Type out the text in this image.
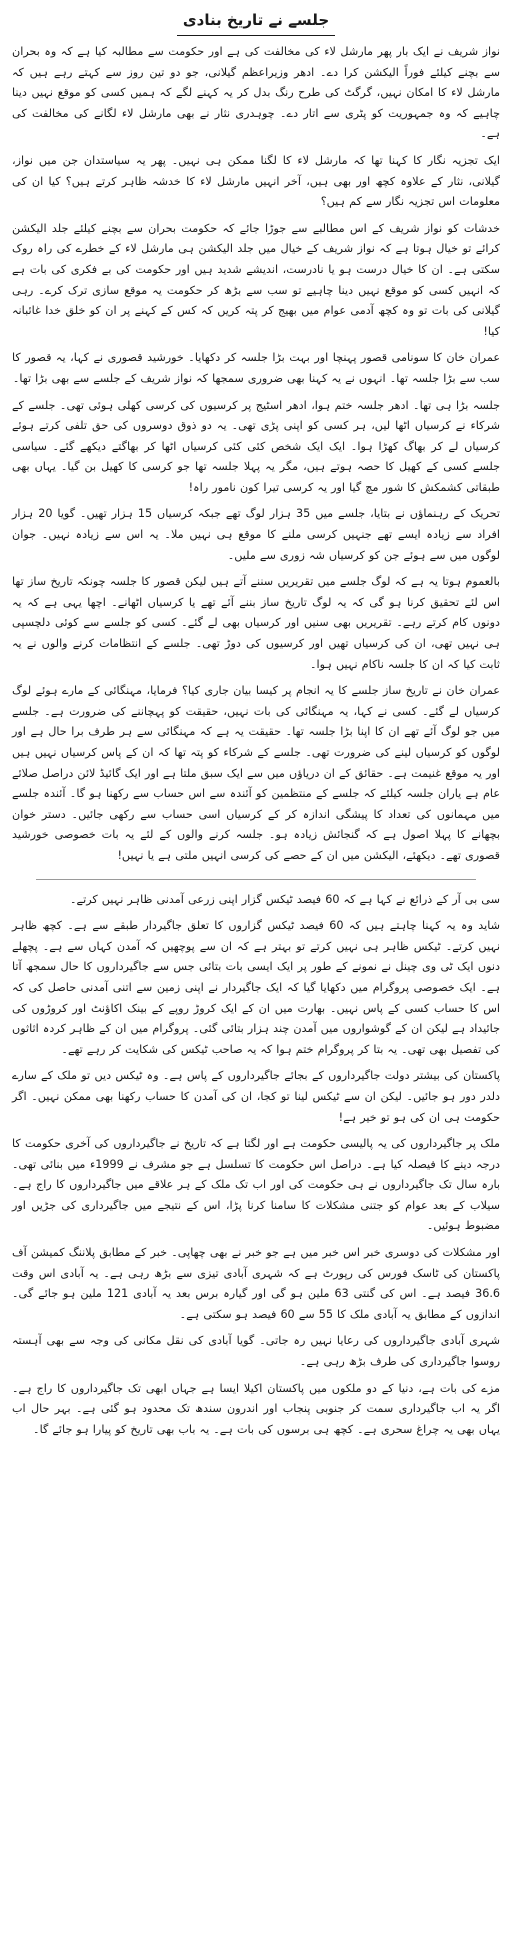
جلسے نے تاریخ بنادی

نواز شریف نے ایک بار پھر مارشل لاء کی مخالفت کی ہے اور حکومت سے مطالبہ کیا ہے کہ وہ بحران سے بچنے کیلئے فوراً الیکشن کرا دے۔ ادھر وزیراعظم گیلانی، جو دو تین روز سے کہتے رہے ہیں کہ مارشل لاء کا امکان نہیں، گرگٹ کی طرح رنگ بدل کر یہ کہنے لگے کہ ہمیں کسی کو موقع نہیں دینا چاہیے کہ وہ جمہوریت کو پٹری سے اتار دے۔ چوہدری نثار نے بھی مارشل لاء لگانے کی مخالفت کی ہے۔

ایک تجزیہ نگار کا کہنا تھا کہ مارشل لاء کا لگنا ممکن ہی نہیں۔ پھر یہ سیاستدان جن میں نواز، گیلانی، نثار کے علاوہ کچھ اور بھی ہیں، آخر انہیں مارشل لاء کا خدشہ ظاہر کرتے ہیں؟ کیا ان کی معلومات اس تجزیہ نگار سے کم ہیں؟

خدشات کو نواز شریف کے اس مطالبے سے جوڑا جائے کہ حکومت بحران سے بچنے کیلئے جلد الیکشن کرائے تو خیال ہوتا ہے کہ نواز شریف کے خیال میں جلد الیکشن ہی مارشل لاء کے خطرے کی راہ روک سکتی ہے۔ ان کا خیال درست ہو یا نادرست، اندیشے شدید ہیں اور حکومت کی بے فکری کی بات ہے کہ انہیں کسی کو موقع نہیں دینا چاہیے تو سب سے بڑھ کر حکومت یہ موقع سازی ترک کرے۔ رہی گیلانی کی بات تو وہ کچھ آدمی عوام میں بھیج کر پتہ کریں کہ کس کے کہنے پر ان کو خلق خدا غائبانہ کیا!

عمران خان کا سونامی قصور پہنچا اور بہت بڑا جلسہ کر دکھایا۔ خورشید قصوری نے کہا، یہ قصور کا سب سے بڑا جلسہ تھا۔ انہوں نے یہ کہنا بھی ضروری سمجھا کہ نواز شریف کے جلسے سے بھی بڑا تھا۔

جلسہ بڑا ہی تھا۔ ادھر جلسہ ختم ہوا، ادھر اسٹیج پر کرسیوں کی کرسی کھلی ہوئی تھی۔ جلسے کے شرکاء نے کرسیاں اٹھا لیں، ہر کسی کو اپنی پڑی تھی۔ یہ دو ذوق دوسروں کی حق تلفی کرتے ہوئے کرسیاں لے کر بھاگ کھڑا ہوا۔ ایک ایک شخص کئی کئی کرسیاں اٹھا کر بھاگتے دیکھے گئے۔ سیاسی جلسے کسی کے کھیل کا حصہ ہوتے ہیں، مگر یہ پہلا جلسہ تھا جو کرسی کا کھیل بن گیا۔ یہاں بھی طبقاتی کشمکش کا شور مچ گیا اور یہ کرسی تیرا کون نامور راہ!

تحریک کے رہنماؤں نے بتایا، جلسے میں 35 ہزار لوگ تھے جبکہ کرسیاں 15 ہزار تھیں۔ گویا 20 ہزار افراد سے زیادہ ایسے تھے جنہیں کرسی ملنے کا موقع ہی نہیں ملا۔ یہ اس سے زیادہ نہیں۔ جوان لوگوں میں سے ہوئے جن کو کرسیاں شہ زوری سے ملیں۔

بالعموم ہوتا یہ ہے کہ لوگ جلسے میں تقریریں سننے آتے ہیں لیکن قصور کا جلسہ چونکہ تاریخ ساز تھا اس لئے تحقیق کرنا ہو گی کہ یہ لوگ تاریخ ساز بننے آئے تھے یا کرسیاں اٹھانے۔ اچھا یہی ہے کہ یہ دونوں کام کرتے رہے۔ تقریریں بھی سنیں اور کرسیاں بھی لے گئے۔ کسی کو جلسے سے کوئی دلچسپی ہی نہیں تھی، ان کی کرسیاں تھیں اور کرسیوں کی دوڑ تھی۔ جلسے کے انتظامات کرنے والوں نے یہ ثابت کیا کہ ان کا جلسہ ناکام نہیں ہوا۔

عمران خان نے تاریخ ساز جلسے کا یہ انجام پر کیسا بیان جاری کیا؟ فرمایا، مہنگائی کے مارے ہوئے لوگ کرسیاں لے گئے۔ کسی نے کہا، یہ مہنگائی کی بات نہیں، حقیقت کو پہچاننے کی ضرورت ہے۔ جلسے میں جو لوگ آئے تھے ان کا اپنا بڑا جلسہ تھا۔ حقیقت یہ ہے کہ مہنگائی سے ہر طرف برا حال ہے اور لوگوں کو کرسیاں لینے کی ضرورت تھی۔ جلسے کے شرکاء کو پتہ تھا کہ ان کے پاس کرسیاں نہیں ہیں اور یہ موقع غنیمت ہے۔ حقائق کے ان دریاؤں میں سے ایک سبق ملتا ہے اور ایک گائیڈ لائن دراصل صلائے عام ہے یاران جلسہ کیلئے کہ جلسے کے منتظمین کو آئندہ سے اس حساب سے رکھنا ہو گا۔ آئندہ جلسے میں مہمانوں کی تعداد کا پیشگی اندازہ کر کے کرسیاں اسی حساب سے رکھی جائیں۔ دستر خوان بچھانے کا پہلا اصول ہے کہ گنجائش زیادہ ہو۔ جلسہ کرنے والوں کے لئے یہ بات خصوصی خورشید قصوری تھے۔ دیکھئے، الیکشن میں ان کے حصے کی کرسی انہیں ملتی ہے یا نہیں!

سی بی آر کے ذرائع نے کہا ہے کہ 60 فیصد ٹیکس گزار اپنی زرعی آمدنی ظاہر نہیں کرتے۔

شاید وہ یہ کہنا چاہتے ہیں کہ 60 فیصد ٹیکس گزاروں کا تعلق جاگیردار طبقے سے ہے۔ کچھ ظاہر نہیں کرتے۔ ٹیکس ظاہر ہی نہیں کرتے تو بہتر ہے کہ ان سے پوچھیں کہ آمدن کہاں سے ہے۔ پچھلے دنوں ایک ٹی وی چینل نے نمونے کے طور پر ایک ایسی بات بتائی جس سے جاگیرداروں کا حال سمجھ آتا ہے۔ ایک خصوصی پروگرام میں دکھایا گیا کہ ایک جاگیردار نے اپنی زمین سے اتنی آمدنی حاصل کی کہ اس کا حساب کسی کے پاس نہیں۔ بھارت میں ان کے ایک کروڑ روپے کے بینک اکاؤنٹ اور کروڑوں کی جائیداد ہے لیکن ان کے گوشواروں میں آمدن چند ہزار بتائی گئی۔ پروگرام میں ان کے ظاہر کردہ اثاثوں کی تفصیل بھی تھی۔ یہ بتا کر پروگرام ختم ہوا کہ یہ صاحب ٹیکس کی شکایت کر رہے تھے۔

پاکستان کی بیشتر دولت جاگیرداروں کے بجائے جاگیرداروں کے پاس ہے۔ وہ ٹیکس دیں تو ملک کے سارے دلدر دور ہو جائیں۔ لیکن ان سے ٹیکس لینا تو کجا، ان کی آمدن کا حساب رکھنا بھی ممکن نہیں۔ اگر حکومت ہی ان کی ہو تو خیر ہے!

ملک پر جاگیرداروں کی یہ پالیسی حکومت ہے اور لگتا ہے کہ تاریخ نے جاگیرداروں کی آخری حکومت کا درجہ دینے کا فیصلہ کیا ہے۔ دراصل اس حکومت کا تسلسل ہے جو مشرف نے 1999ء میں بنائی تھی۔ بارہ سال تک جاگیرداروں نے ہی حکومت کی اور اب تک ملک کے ہر علاقے میں جاگیرداروں کا راج ہے۔ سیلاب کے بعد عوام کو جتنی مشکلات کا سامنا کرنا پڑا، اس کے نتیجے میں جاگیرداری کی جڑیں اور مضبوط ہوئیں۔

اور مشکلات کی دوسری خبر اس خبر میں ہے جو خبر نے بھی چھاپی۔ خبر کے مطابق پلاننگ کمیشن آف پاکستان کی ٹاسک فورس کی رپورٹ ہے کہ شہری آبادی تیزی سے بڑھ رہی ہے۔ یہ آبادی اس وقت 36.6 فیصد ہے۔ اس کی گنتی 63 ملین ہو گی اور گیارہ برس بعد یہ آبادی 121 ملین ہو جائے گی۔ اندازوں کے مطابق یہ آبادی ملک کا 55 سے 60 فیصد ہو سکتی ہے۔

شہری آبادی جاگیرداروں کی رعایا نہیں رہ جاتی۔ گویا آبادی کی نقل مکانی کی وجہ سے بھی آہستہ روسوا جاگیرداری کی طرف بڑھ رہی ہے۔

مزے کی بات ہے، دنیا کے دو ملکوں میں پاکستان اکیلا ایسا ہے جہاں ابھی تک جاگیرداروں کا راج ہے۔ اگر یہ اب جاگیرداری سمت کر جنوبی پنجاب اور اندرون سندھ تک محدود ہو گئی ہے۔ بہر حال اب یہاں بھی یہ چراغ سحری ہے۔ کچھ ہی برسوں کی بات ہے۔ یہ باب بھی تاریخ کو پیارا ہو جائے گا۔
